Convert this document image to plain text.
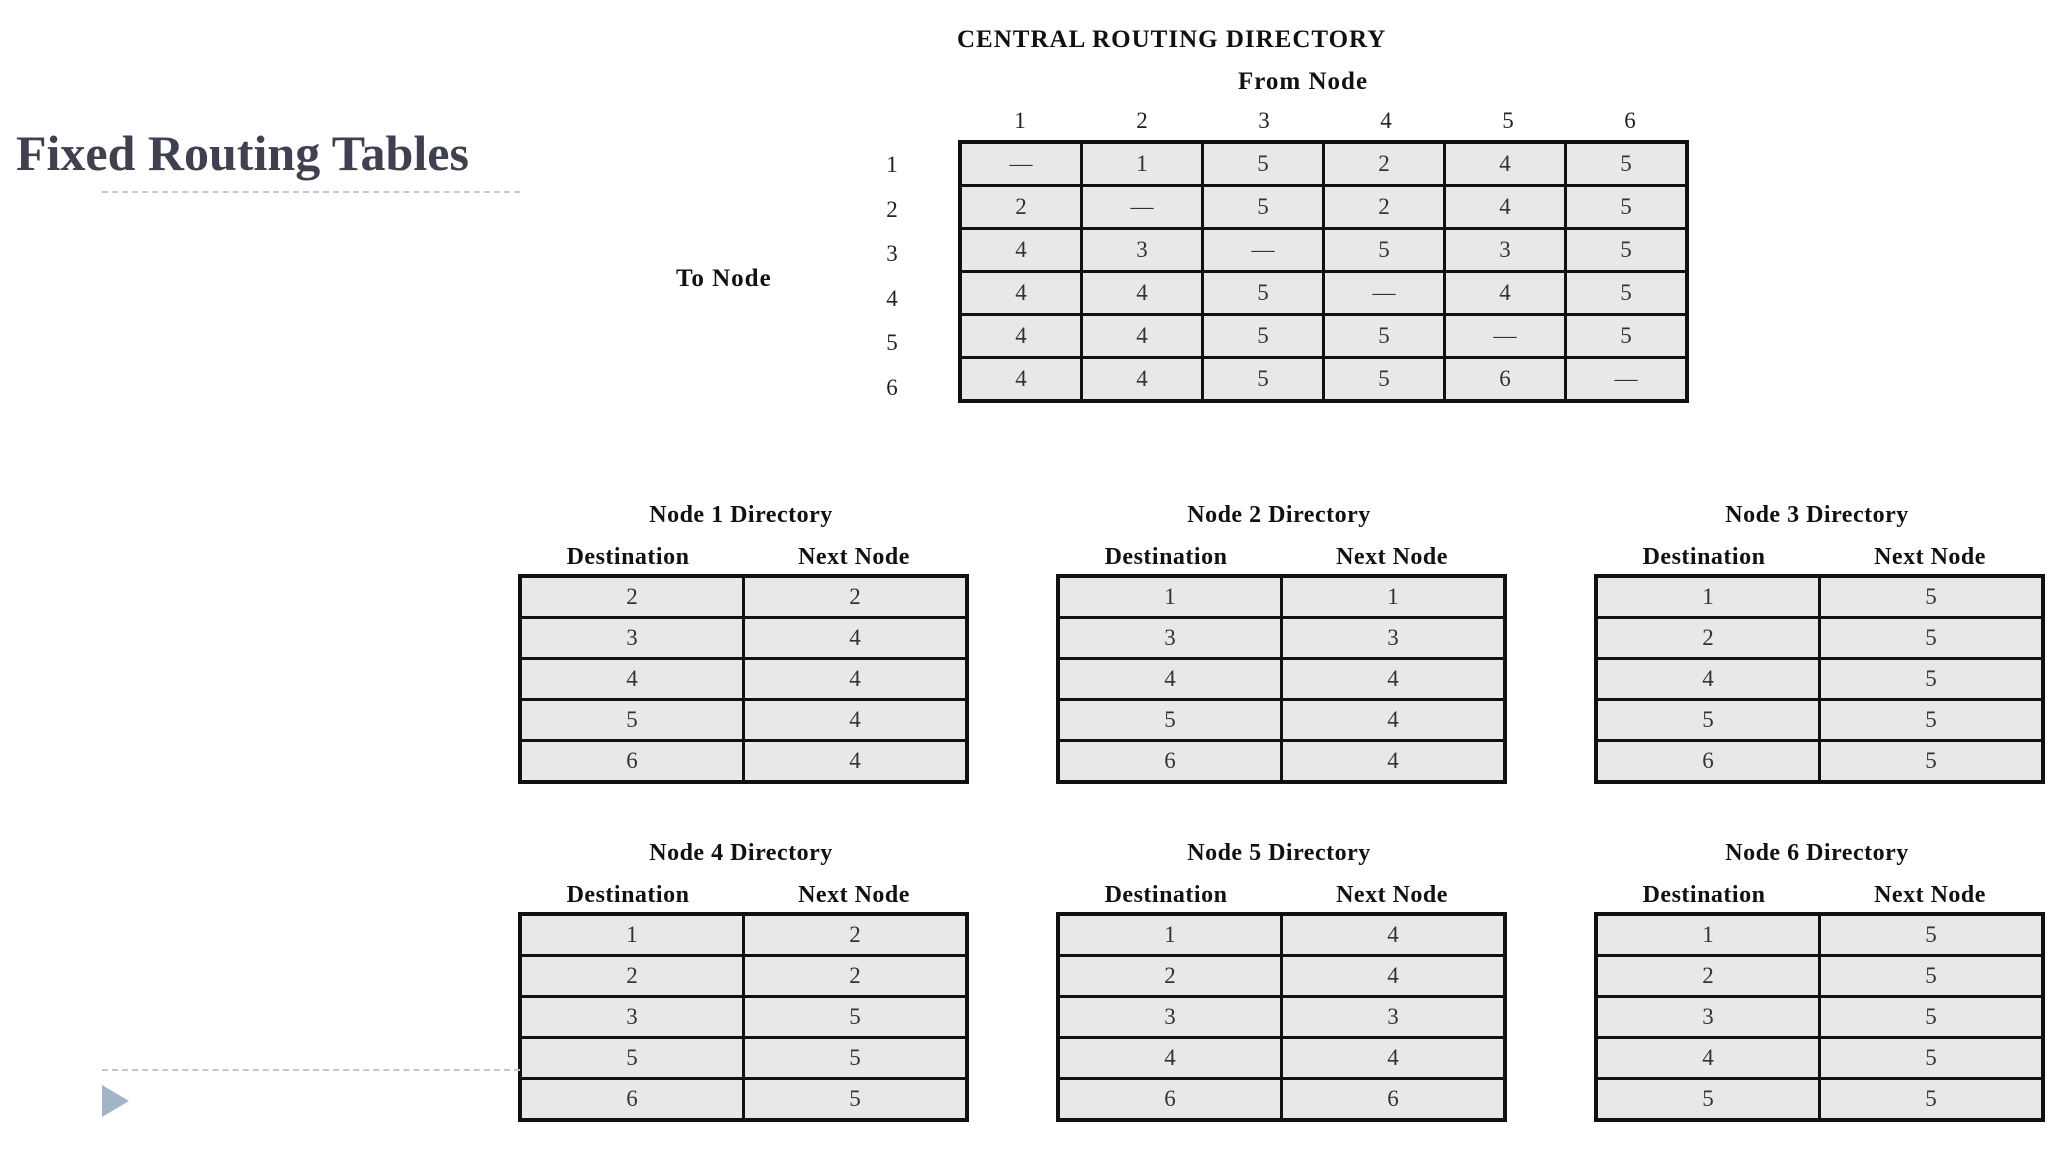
Fixed Routing Tables
CENTRAL ROUTING DIRECTORY
From Node
To Node
1	2	3	4	5	6
1
2
3
4
5
6
—	1	5	2	4	5
2	—	5	2	4	5
4	3	—	5	3	5
4	4	5	—	4	5
4	4	5	5	—	5
4	4	5	5	6	—
Node 1 Directory
Destination	Next Node
2	2
3	4
4	4
5	4
6	4
Node 2 Directory
Destination	Next Node
1	1
3	3
4	4
5	4
6	4
Node 3 Directory
Destination	Next Node
1	5
2	5
4	5
5	5
6	5
Node 4 Directory
Destination	Next Node
1	2
2	2
3	5
5	5
6	5
Node 5 Directory
Destination	Next Node
1	4
2	4
3	3
4	4
6	6
Node 6 Directory
Destination	Next Node
1	5
2	5
3	5
4	5
5	5
